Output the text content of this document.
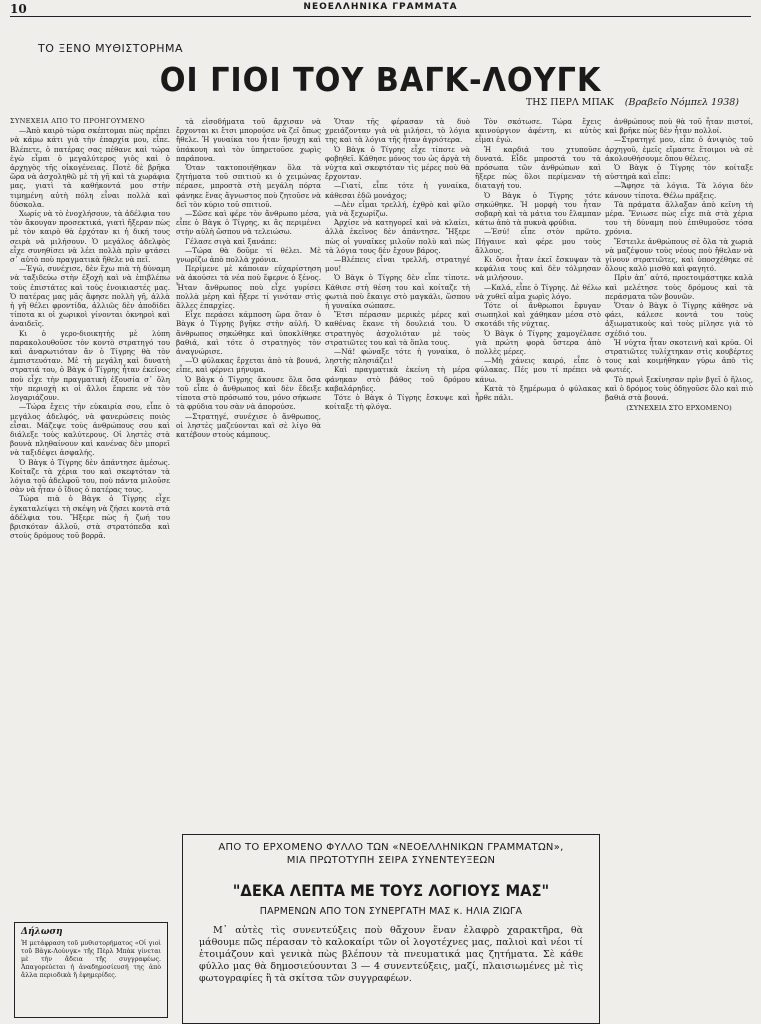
10	ΝΕΟΕΛΛΗΝΙΚΑ ΓΡΑΜΜΑΤΑ
ΤΟ ΞΕΝΟ ΜΥΘΙΣΤΟΡΗΜΑ
ΟΙ ΓΙΟΙ ΤΟΥ ΒΑΓΚ-ΛΟΥΓΚ
ΤΗΣ ΠΕΡΛ ΜΠΑΚ (Βραβεῖο Νόμπελ 1938)

ΣΥΝΕΧΕΙΑ ΑΠΟ ΤΟ ΠΡΟΗΓΟΥΜΕΝΟ

—Άπὸ καιρὸ τώρα σκέπτομαι πὼς πρέπει νὰ κάμω κάτι γιὰ τὴν ἐπαρχία μου, εἶπε. Βλέπετε, ὁ πατέρας σας πέθανε καὶ τώρα ἐγὼ εἶμαι ὁ μεγαλύτερος γιὸς καὶ ὁ ἀρχηγὸς τῆς οἰκογένειας. Ποτὲ δὲ βρῆκα ὥρα νὰ ἀσχοληθῶ μὲ τὴ γῆ καὶ τὰ χωράφια μας, γιατὶ τὰ καθήκοντά μου στὴν τιμημένη αὐτὴ πόλη εἶναι πολλὰ καὶ δύσκολα.

Χωρίς νὰ τὸ ἐνοχλήσουν, τὰ ἀδέλφια του τὸν ἄκουγαν προσεκτικά, γιατὶ ἤξεραν πὼς μὲ τὸν καιρὸ θὰ ἐρχόταν κι ἡ δική τους σειρὰ νὰ μιλήσουν. Ὁ μεγάλος ἀδελφὸς εἶχε συνηθίσει νὰ λέει πολλὰ πρὶν φτάσει σ᾿ αὐτὸ ποὺ πραγματικὰ ἤθελε νὰ πεῖ.

—Ἐγώ, συνέχισε, δὲν ἔχω πιὰ τὴ δύναμη νὰ ταξιδεύω στὴν ἐξοχὴ καὶ νὰ ἐπιβλέπω τοὺς ἐπιστάτες καὶ τοὺς ἐνοικιαστές μας. Ὁ πατέρας μας μᾶς ἄφησε πολλὴ γῆ, ἀλλὰ ἡ γῆ θέλει φροντίδα, ἀλλιῶς δὲν ἀποδίδει τίποτα κι οἱ χωρικοὶ γίνονται ὀκνηροὶ καὶ ἀναιδεῖς.

Κι ὁ γερο-διοικητὴς μὲ λύπη παρακολουθοῦσε τὸν κοντὸ στρατηγό του καὶ ἀναρωτιόταν ἂν ὁ Τίγρης θὰ τὸν ἐμπιστευόταν. Μὲ τὴ μεγάλη καὶ δυνατὴ στρατιά του, ὁ Βὰγκ ὁ Τίγρης ἦταν ἐκεῖνος ποὺ εἶχε τὴν πραγματικὴ ἐξουσία σ᾿ ὅλη τὴν περιοχὴ κι οἱ ἄλλοι ἔπρεπε νὰ τὸν λογαριάζουν.

—Τώρα ἔχεις τὴν εὐκαιρία σου, εἶπε ὁ μεγάλος ἀδελφός, νὰ φανερώσεις ποιὸς εἶσαι. Μάζεψε τοὺς ἀνθρώπους σου καὶ διάλεξε τοὺς καλύτερους. Οἱ ληστὲς στὰ βουνὰ πληθαίνουν καὶ κανένας δὲν μπορεῖ νὰ ταξιδέψει ἀσφαλής.

Ὁ Βὰγκ ὁ Τίγρης δὲν ἀπάντησε ἀμέσως. Κοίταζε τὰ χέρια του καὶ σκεφτόταν τὰ λόγια τοῦ ἀδελφοῦ του, ποὺ πάντα μιλοῦσε σὰν νὰ ἦταν ὁ ἴδιος ὁ πατέρας τους.

Τώρα πιὰ ὁ Βὰγκ ὁ Τίγρης εἶχε ἐγκαταλείψει τὴ σκέψη νὰ ζήσει κοντὰ στὰ ἀδέλφια του. Ἤξερε πὼς ἡ ζωή του βρισκόταν ἀλλοῦ, στὰ στρατόπεδα καὶ στοὺς δρόμους τοῦ βορρᾶ.

τὰ εἰσοδήματα τοῦ ἄρχισαν νὰ ἔρχονται κι ἔτσι μπορούσε νὰ ζεῖ ὅπως ἤθελε. Ἡ γυναίκα του ἦταν ἥσυχη καὶ ὑπάκουη καὶ τὸν ὑπηρετοῦσε χωρὶς παράπονα.

Ὅταν τακτοποιήθηκαν ὅλα τὰ ζητήματα τοῦ σπιτιοῦ κι ὁ χειμώνας πέρασε, μπροστὰ στὴ μεγάλη πόρτα φάνηκε ἕνας ἄγνωστος ποὺ ζητοῦσε νὰ δεῖ τὸν κύριο τοῦ σπιτιοῦ.

—Σῶσε καὶ φέρε τὸν ἄνθρωπο μέσα, εἶπε ὁ Βὰγκ ὁ Τίγρης, κι ἂς περιμένει στὴν αὐλὴ ὥσπου νὰ τελειώσω.

Γέλασε σιγὰ καὶ ξανάπε:

—Τώρα θὰ δοῦμε τί θέλει. Μὲ γνωρίζω ἀπὸ πολλὰ χρόνια.

Περίμενε μὲ κάποιαν εὐχαρίστηση νὰ ἀκούσει τὰ νέα ποὺ ἔφερνε ὁ ξένος. Ἦταν ἄνθρωπος ποὺ εἶχε γυρίσει πολλὰ μέρη καὶ ἤξερε τί γινόταν στὶς ἄλλες ἐπαρχίες.

Εἶχε περάσει κάμποση ὥρα ὅταν ὁ Βὰγκ ὁ Τίγρης βγῆκε στὴν αὐλή. Ὁ ἄνθρωπος σηκώθηκε καὶ ὑποκλίθηκε βαθιά, καὶ τότε ὁ στρατηγὸς τὸν ἀναγνώρισε.

—Ὁ φύλακας ἔρχεται ἀπὸ τὰ βουνά, εἶπε, καὶ φέρνει μήνυμα.

Ὁ Βὰγκ ὁ Τίγρης ἄκουσε ὅλα ὅσα τοῦ εἶπε ὁ ἄνθρωπος καὶ δὲν ἔδειξε τίποτα στὸ πρόσωπό του, μόνο σήκωσε τὰ φρύδια του σὰν νὰ ἀπορούσε.

—Στρατηγέ, συνέχισε ὁ ἄνθρωπος, οἱ ληστὲς μαζεύονται καὶ σὲ λίγο θὰ κατέβουν στοὺς κάμπους.

Ὅταν τῆς φέρασαν τὰ δυὸ χρειάζονταν γιὰ νὰ μιλήσει, τὸ λόγια της καὶ τὰ λόγια τῆς ἦταν ἀγριότερα.

Ὁ Βὰγκ ὁ Τίγρης εἶχε τίποτε νὰ φοβηθεῖ. Κάθησε μόνος του ὡς ἀργὰ τὴ νύχτα καὶ σκεφτόταν τὶς μέρες ποὺ θὰ ἔρχονταν.

—Γιατί, εἶπε τότε ἡ γυναίκα, κάθεσαι ἐδῶ μονάχος;

—Δὲν εἶμαι τρελλή, ἐχθρὸ καὶ φίλο γιὰ νὰ ξεχωρίζω.

Ἀρχίσε νὰ κατηγορεῖ καὶ νὰ κλαίει, ἀλλὰ ἐκεῖνος δὲν ἀπάντησε. Ἤξερε πὼς οἱ γυναῖκες μιλοῦν πολὺ καὶ πὼς τὰ λόγια τους δὲν ἔχουν βάρος.

—Βλέπεις εἶναι τρελλή, στρατηγέ μου!

Ὁ Βὰγκ ὁ Τίγρης δὲν εἶπε τίποτε. Κάθισε στὴ θέση του καὶ κοίταζε τὴ φωτιὰ ποὺ ἔκαιγε στὸ μαγκάλι, ὥσπου ἡ γυναίκα σώπασε.

Ἔτσι πέρασαν μερικὲς μέρες καὶ καθένας ἔκανε τὴ δουλειά του. Ὁ στρατηγὸς ἀσχολιόταν μὲ τοὺς στρατιῶτες του καὶ τὰ ὅπλα τους.

—Νά! φώναξε τότε ἡ γυναίκα, ὁ ληστὴς πλησιάζει!

Καὶ πραγματικὰ ἐκείνη τὴ μέρα φάνηκαν στὸ βάθος τοῦ δρόμου καβαλάρηδες.

Τότε ὁ Βὰγκ ὁ Τίγρης ἔσκυψε καὶ κοίταξε τὴ φλόγα.

Τὸν σκότωσε. Τώρα ἔχεις καινούργιον ἀφέντη, κι αὐτὸς εἶμαι ἐγώ.

Ἡ καρδιά του χτυποῦσε δυνατά. Εἶδε μπροστά του τὰ πρόσωπα τῶν ἀνθρώπων καὶ ἤξερε πὼς ὅλοι περίμεναν τὴ διαταγή του.

Ὁ Βὰγκ ὁ Τίγρης τότε σηκώθηκε. Ἡ μορφὴ του ἦταν σοβαρὴ καὶ τὰ μάτια του ἔλαμπαν κάτω ἀπὸ τὰ πυκνὰ φρύδια.

—Ἐσύ! εἶπε στὸν πρῶτο. Πήγαινε καὶ φέρε μου τοὺς ἄλλους.

Κι ὅσοι ἦταν ἐκεῖ ἔσκυψαν τὰ κεφάλια τους καὶ δὲν τόλμησαν νὰ μιλήσουν.

—Καλά, εἶπε ὁ Τίγρης. Δὲ θέλω νὰ χυθεῖ αἷμα χωρὶς λόγο.

Τότε οἱ ἄνθρωποι ἔφυγαν σιωπηλοὶ καὶ χάθηκαν μέσα στὸ σκοτάδι τῆς νύχτας.

Ὁ Βὰγκ ὁ Τίγρης χαμογέλασε γιὰ πρώτη φορὰ ὕστερα ἀπὸ πολλὲς μέρες.

—Μὴ χάνεις καιρό, εἶπε ὁ φύλακας. Πές μου τί πρέπει νὰ κάνω.

Κατὰ τὸ ξημέρωμα ὁ φύλακας ἦρθε πάλι.

ἀνθρώπους ποὺ θὰ τοῦ ἦταν πιστοί, καὶ βρῆκε πὼς δὲν ἦταν πολλοί.

—Στρατηγέ μου, εἶπε ὁ ἀνιψιὸς τοῦ ἀρχηγοῦ, ἐμεῖς εἴμαστε ἕτοιμοι νὰ σὲ ἀκολουθήσουμε ὅπου θέλεις.

Ὁ Βὰγκ ὁ Τίγρης τὸν κοίταξε αὐστηρὰ καὶ εἶπε:

—Ἄφησε τὰ λόγια. Τὰ λόγια δὲν κάνουν τίποτα. Θέλω πράξεις.

Τὰ πράματα ἄλλαξαν ἀπὸ κεῖνη τὴ μέρα. Ἔνιωσε πὼς εἶχε πιὰ στὰ χέρια του τὴ δύναμη ποὺ ἐπιθυμοῦσε τόσα χρόνια.

Ἔστειλε ἀνθρώπους σὲ ὅλα τὰ χωριὰ νὰ μαζέψουν τοὺς νέους ποὺ ἤθελαν νὰ γίνουν στρατιῶτες, καὶ ὑποσχέθηκε σὲ ὅλους καλὸ μισθὸ καὶ φαγητό.

Πρὶν ἀπ᾿ αὐτό, προετοιμάστηκε καλὰ καὶ μελέτησε τοὺς δρόμους καὶ τὰ περάσματα τῶν βουνῶν.

Ὅταν ὁ Βὰγκ ὁ Τίγρης κάθησε νὰ φάει, κάλεσε κοντά του τοὺς ἀξιωματικοὺς καὶ τοὺς μίλησε γιὰ τὸ σχέδιό του.

Ἡ νύχτα ἦταν σκοτεινὴ καὶ κρύα. Οἱ στρατιῶτες τυλίχτηκαν στὶς κουβέρτες τους καὶ κοιμήθηκαν γύρω ἀπὸ τὶς φωτιές.

Τὸ πρωὶ ξεκίνησαν πρὶν βγεῖ ὁ ἥλιος, καὶ ὁ δρόμος τοὺς ὁδηγοῦσε ὅλο καὶ πιὸ βαθιὰ στὰ βουνά.

(ΣΥΝΕΧΕΙΑ ΣΤΟ ΕΡΧΟΜΕΝΟ)
Δήλωση
Ἡ μετάφραση τοῦ μυθιστορήματος «Οἱ γιοὶ τοῦ Βὰγκ-Λοὺνγκ» τῆς Πὲρλ Μπὰκ γίνεται μὲ τὴν ἄδεια τῆς συγγραφέως. Ἀπαγορεύεται ἡ ἀναδημοσίευσή της ἀπὸ ἄλλα περιοδικὰ ἢ ἐφημερίδες.
ΑΠΟ ΤΟ ΕΡΧΟΜΕΝΟ ΦΥΛΛΟ ΤΩΝ «ΝΕΟΕΛΛΗΝΙΚΩΝ ΓΡΑΜΜΑΤΩΝ»,
ΜΙΑ ΠΡΩΤΟΤΥΠΗ ΣΕΙΡΑ ΣΥΝΕΝΤΕΥΞΕΩΝ
"ΔΕΚΑ ΛΕΠΤΑ ΜΕ ΤΟΥΣ ΛΟΓΙΟΥΣ ΜΑΣ"
ΠΑΡΜΕΝΩΝ ΑΠΟ ΤΟΝ ΣΥΝΕΡΓΑΤΗ ΜΑΣ κ. ΗΛΙΑ ΖΙΩΓΑ
Μ᾿ αὐτὲς τὶς συνεντεύξεις ποὺ θἄχουν ἕναν ἐλαφρὸ χαρακτῆρα, θὰ μάθουμε πῶς πέρασαν τὸ καλοκαίρι τῶν οἱ λογοτέχνες μας, παλιοὶ καὶ νέοι τί ἑτοιμάζουν καὶ γενικὰ πὼς βλέπουν τὰ πνευματικά μας ζητήματα. Σὲ κάθε φύλλο μας θὰ δημοσιεύουνται 3 — 4 συνεντεύξεις, μαζί, πλαισιωμένες μὲ τὶς φωτογραφίες ἢ τὰ σκίτσα τῶν συγγραφέων.
